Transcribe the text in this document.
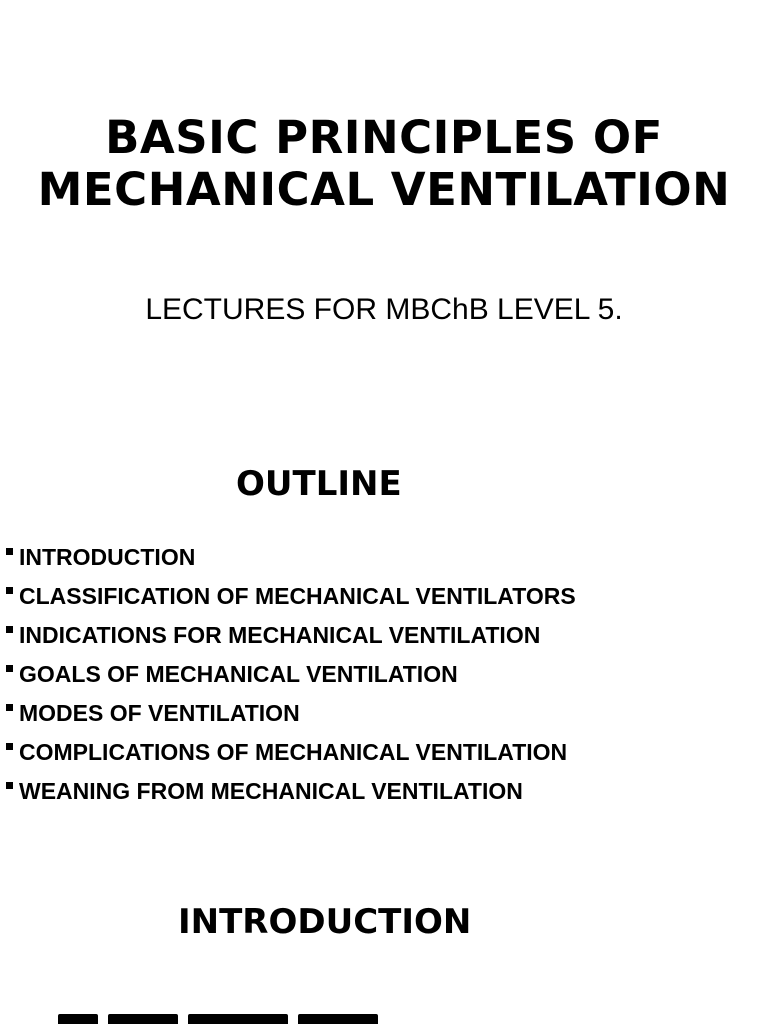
BASIC PRINCIPLES OF
MECHANICAL VENTILATION

LECTURES FOR MBChB LEVEL 5.

OUTLINE
INTRODUCTION
CLASSIFICATION OF MECHANICAL VENTILATORS
INDICATIONS FOR MECHANICAL VENTILATION
GOALS OF MECHANICAL VENTILATION
MODES OF VENTILATION
COMPLICATIONS OF MECHANICAL VENTILATION
WEANING FROM MECHANICAL VENTILATION
INTRODUCTION
